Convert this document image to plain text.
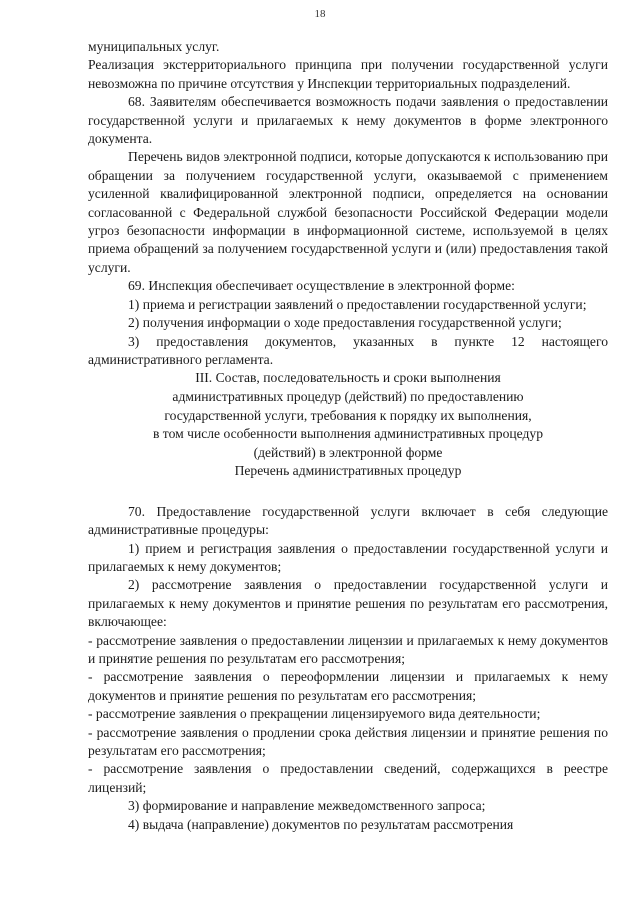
18

муниципальных услуг.

Реализация экстерриториального принципа при получении государственной услуги невозможна по причине отсутствия у Инспекции территориальных подразделений.

68. Заявителям обеспечивается возможность подачи заявления о предоставлении государственной услуги и прилагаемых к нему документов в форме электронного документа.

Перечень видов электронной подписи, которые допускаются к использованию при обращении за получением государственной услуги, оказываемой с применением усиленной квалифицированной электронной подписи, определяется на основании согласованной с Федеральной службой безопасности Российской Федерации модели угроз безопасности информации в информационной системе, используемой в целях приема обращений за получением государственной услуги и (или) предоставления такой услуги.

69. Инспекция обеспечивает осуществление в электронной форме:

1) приема и регистрации заявлений о предоставлении государственной услуги;

2) получения информации о ходе предоставления государственной услуги;

3) предоставления документов, указанных в пункте 12 настоящего административного регламента.

III. Состав, последовательность и сроки выполнения
административных процедур (действий) по предоставлению
государственной услуги, требования к порядку их выполнения,
в том числе особенности выполнения административных процедур
(действий) в электронной форме

Перечень административных процедур

70. Предоставление государственной услуги включает в себя следующие административные процедуры:

1) прием и регистрация заявления о предоставлении государственной услуги и прилагаемых к нему документов;

2) рассмотрение заявления о предоставлении государственной услуги и прилагаемых к нему документов и принятие решения по результатам его рассмотрения, включающее:

- рассмотрение заявления о предоставлении лицензии и прилагаемых к нему документов и принятие решения по результатам его рассмотрения;

- рассмотрение заявления о переоформлении лицензии и прилагаемых к нему документов и принятие решения по результатам его рассмотрения;

- рассмотрение заявления о прекращении лицензируемого вида деятельности;

- рассмотрение заявления о продлении срока действия лицензии и принятие решения по результатам его рассмотрения;

- рассмотрение заявления о предоставлении сведений, содержащихся в реестре лицензий;

3) формирование и направление межведомственного запроса;

4) выдача (направление) документов по результатам рассмотрения
